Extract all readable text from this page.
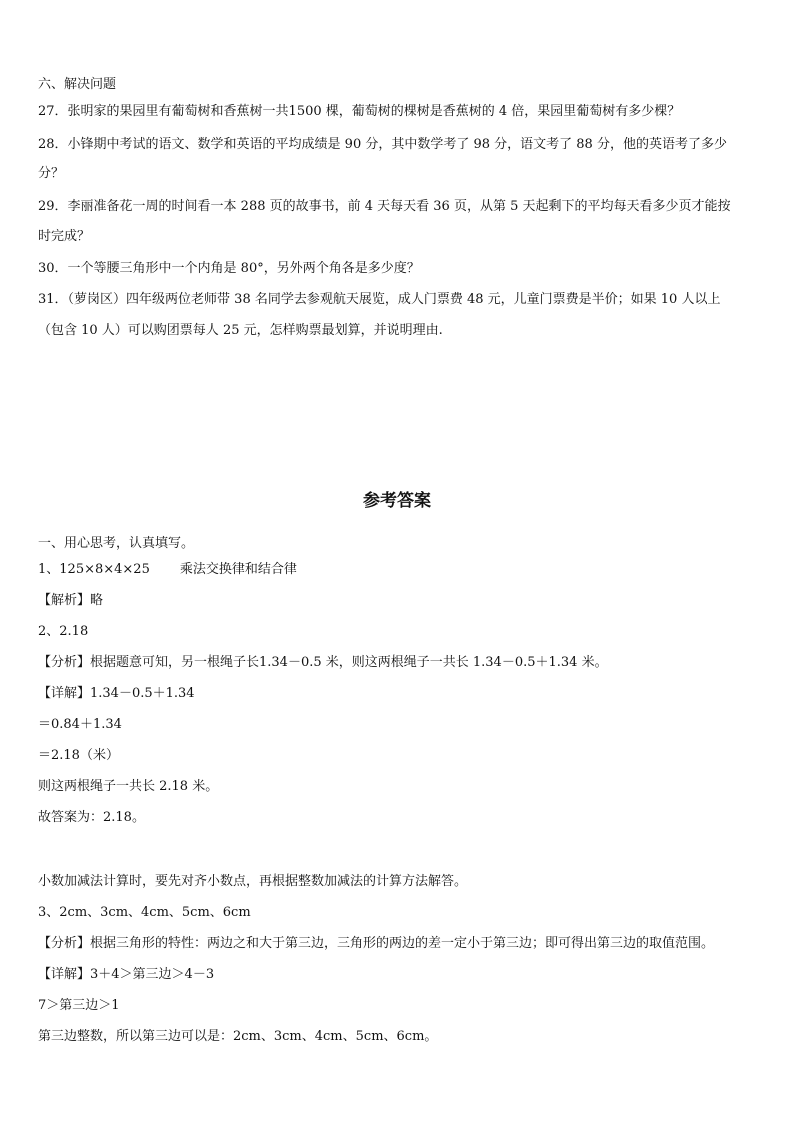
六、解决问题
27．张明家的果园里有葡萄树和香蕉树一共1500 棵，葡萄树的棵树是香蕉树的 4 倍，果园里葡萄树有多少棵？
28．小锋期中考试的语文、数学和英语的平均成绩是 90 分，其中数学考了 98 分，语文考了 88 分，他的英语考了多少
分？
29．李丽准备花一周的时间看一本 288 页的故事书，前 4 天每天看 36 页，从第 5 天起剩下的平均每天看多少页才能按
时完成？
30．一个等腰三角形中一个内角是 80°，另外两个角各是多少度？
31．（萝岗区）四年级两位老师带 38 名同学去参观航天展览，成人门票费 48 元，儿童门票费是半价；如果 10 人以上
（包含 10 人）可以购团票每人 25 元，怎样购票最划算，并说明理由.
参考答案
一、用心思考，认真填写。
1、125×8×4×25 乘法交换律和结合律
【解析】略
2、2.18
【分析】根据题意可知，另一根绳子长1.34－0.5 米，则这两根绳子一共长 1.34－0.5＋1.34 米。
【详解】1.34－0.5＋1.34
＝0.84＋1.34
＝2.18（米）
则这两根绳子一共长 2.18 米。
故答案为：2.18。
小数加减法计算时，要先对齐小数点，再根据整数加减法的计算方法解答。
3、2cm、3cm、4cm、5cm、6cm
【分析】根据三角形的特性：两边之和大于第三边，三角形的两边的差一定小于第三边；即可得出第三边的取值范围。
【详解】3＋4＞第三边＞4－3
7＞第三边＞1
第三边整数，所以第三边可以是：2cm、3cm、4cm、5cm、6cm。
